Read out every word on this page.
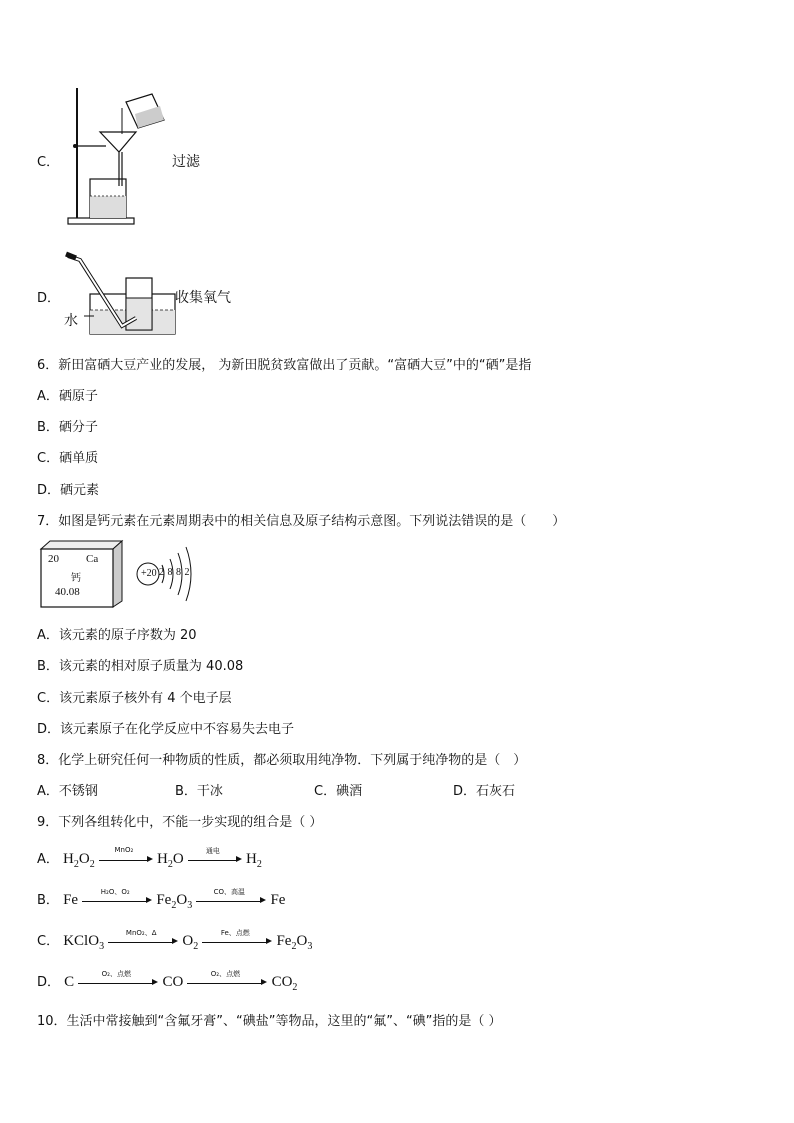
C．	过滤
D．
水
收集氧气
6．新田富硒大豆产业的发展， 为新田脱贫致富做出了贡献。“富硒大豆”中的“硒”是指
A．硒原子
B．硒分子
C．硒单质
D．硒元素
7．如图是钙元素在元素周期表中的相关信息及原子结构示意图。下列说法错误的是（　　）
20 Ca
钙
40.08
+20 2 8 8 2
A．该元素的原子序数为 20
B．该元素的相对原子质量为 40.08
C．该元素原子核外有 4 个电子层
D．该元素原子在化学反应中不容易失去电子
8．化学上研究任何一种物质的性质，都必须取用纯净物．下列属于纯净物的是（　）
A．不锈钢	B．干冰	C．碘酒	D．石灰石
9．下列各组转化中，不能一步实现的组合是（ ）
A． $H_2O_2$
MnO₂
$H_2O$	通电	$H_2$
B． Fe	H₂O、O₂	$Fe_2O_3$
CO、高温	Fe
C． KClO$_3$
MnO₂、Δ	$O_2$
Fe、点燃	$Fe_2O_3$
D． C	O₂、点燃	CO	O₂、点燃	$CO_2$
10．生活中常接触到“含氟牙膏”、“碘盐”等物品，这里的“氟”、“碘”指的是（ ）
